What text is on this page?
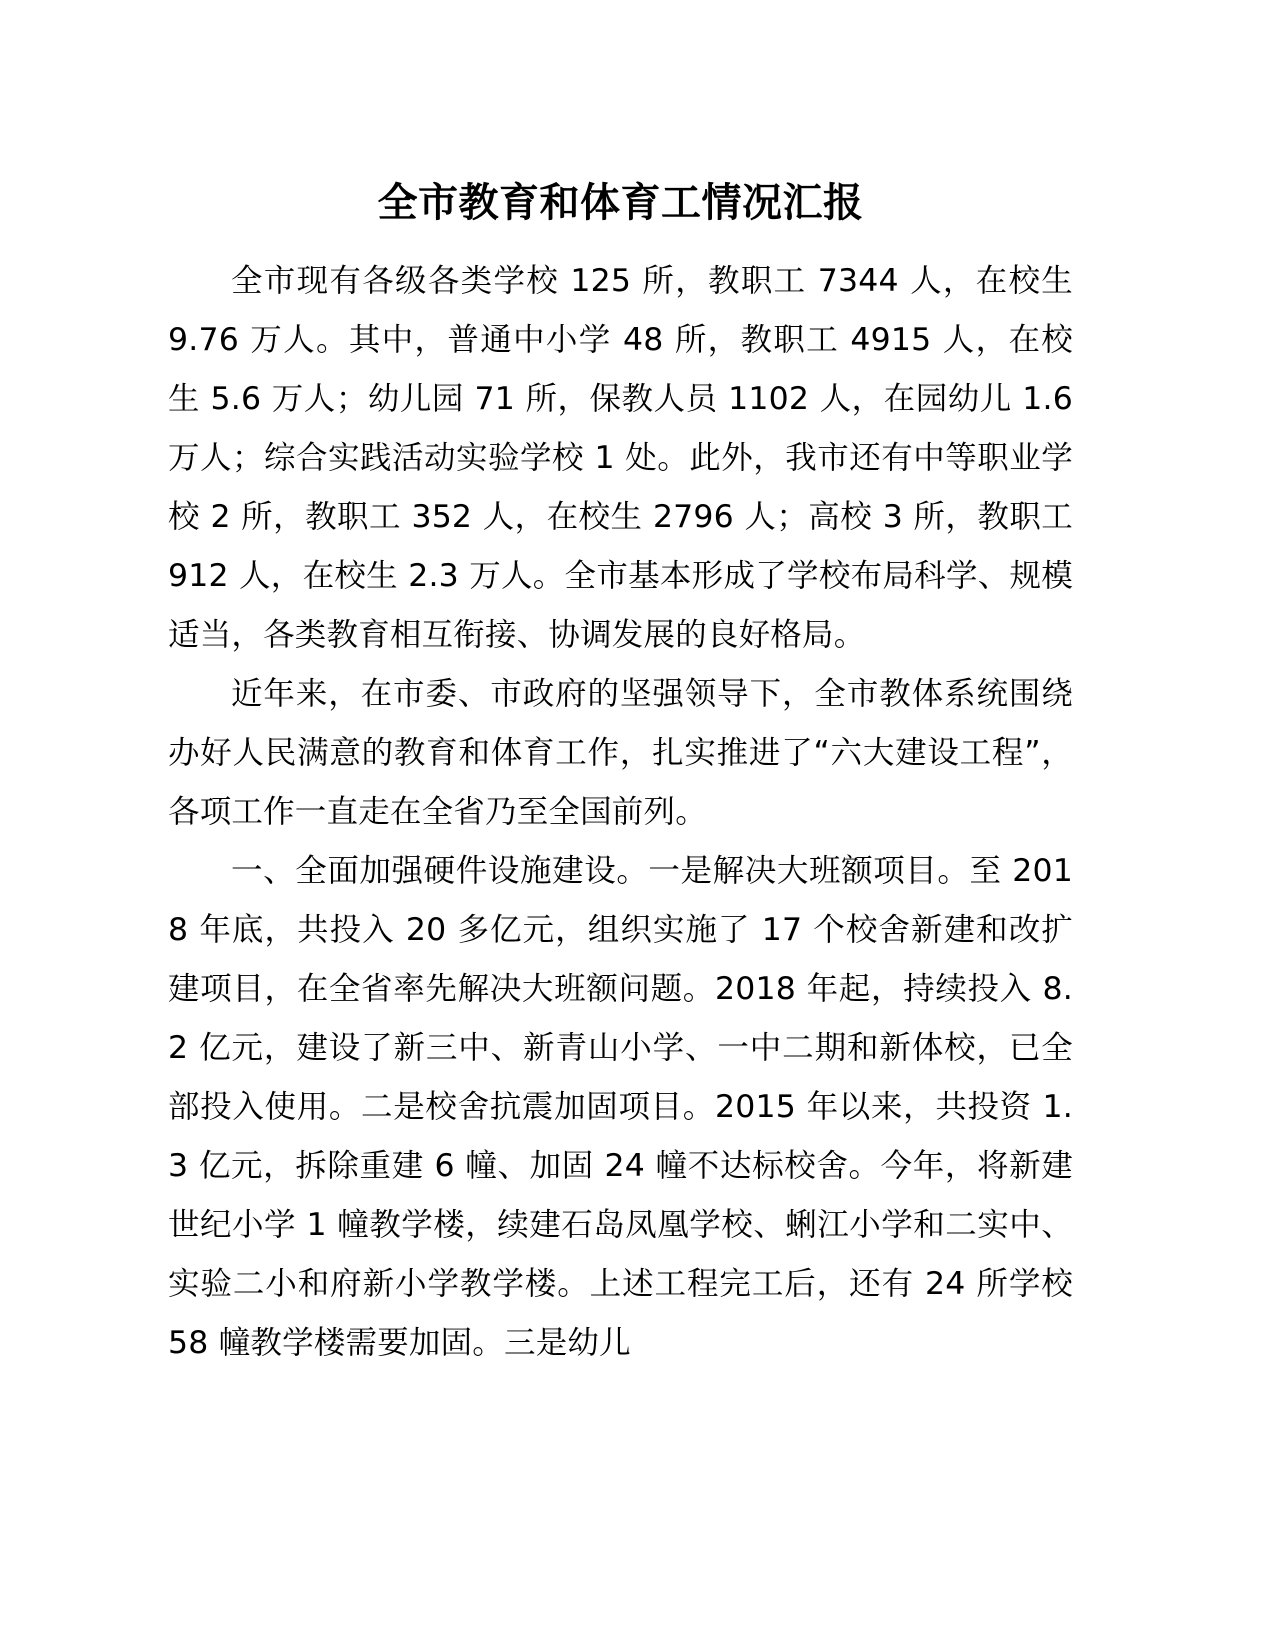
全市教育和体育工情况汇报

全市现有各级各类学校 125 所，教职工 7344 人，在校生 9.76 万人。其中，普通中小学 48 所，教职工 4915 人，在校生 5.6 万人；幼儿园 71 所，保教人员 1102 人，在园幼儿 1.6 万人；综合实践活动实验学校 1 处。此外，我市还有中等职业学校 2 所，教职工 352 人，在校生 2796 人；高校 3 所，教职工 912 人，在校生 2.3 万人。全市基本形成了学校布局科学、规模适当，各类教育相互衔接、协调发展的良好格局。

近年来，在市委、市政府的坚强领导下，全市教体系统围绕办好人民满意的教育和体育工作，扎实推进了“六大建设工程”，各项工作一直走在全省乃至全国前列。

一、全面加强硬件设施建设。一是解决大班额项目。至 2018 年底，共投入 20 多亿元，组织实施了 17 个校舍新建和改扩建项目，在全省率先解决大班额问题。2018 年起，持续投入 8.2 亿元，建设了新三中、新青山小学、一中二期和新体校，已全部投入使用。二是校舍抗震加固项目。2015 年以来，共投资 1.3 亿元，拆除重建 6 幢、加固 24 幢不达标校舍。今年，将新建世纪小学 1 幢教学楼，续建石岛凤凰学校、蜊江小学和二实中、实验二小和府新小学教学楼。上述工程完工后，还有 24 所学校 58 幢教学楼需要加固。三是幼儿
